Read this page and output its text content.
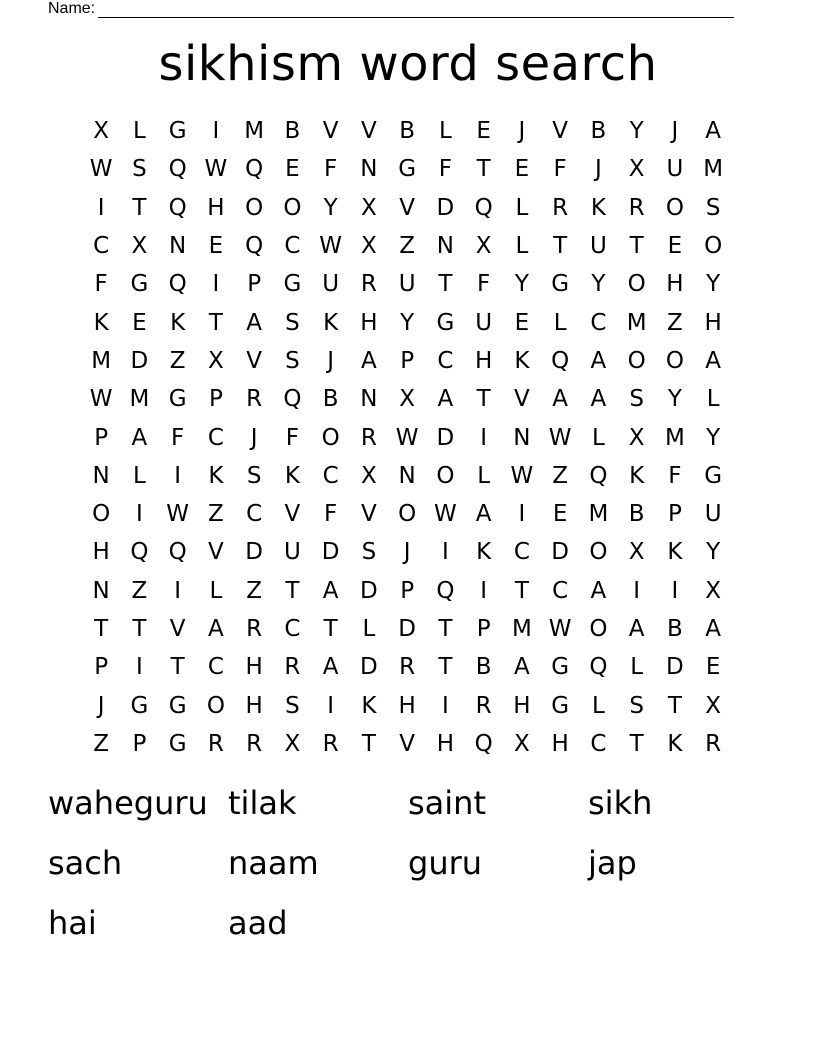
Name:
sikhism word search
X	L G	I	M B V V B	L	E	J	V B	Y	J	A
W S Q W Q E	F	N G F	T	E	F	J	X U M
I	T Q H O O Y	X V D Q L	R K R O S
C X N E Q C W X Z N X	L	T U T	E O
F G Q	I	P G U R U T	F	Y G Y O H Y
K	E	K	T	A	S	K H Y G U E	L	C M Z H
M D Z X V	S	J	A	P	C H K Q A O O A
W M G P	R Q B N X A	T	V A A	S	Y	L
P	A	F	C	J	F O R W D	I	N W L	X M Y
N	L	I	K	S	K C X N O L W Z Q K	F G
O	I	W Z C V	F	V O W A	I	E M B	P U
H Q Q V D U D S	J	I	K C D O X K	Y
N Z	I	L	Z	T	A D P Q	I	T	C A	I	I	X
T	T	V A R C	T	L D T	P M W O A B A
P	I	T	C H R A D R	T	B A G Q L D E
J	G G O H S	I	K H	I	R H G L	S	T	X
Z	P G R R X R	T	V H Q X H C	T	K R
waheguru tilak	saint	sikh
sach	naam	guru	jap
hai	aad
